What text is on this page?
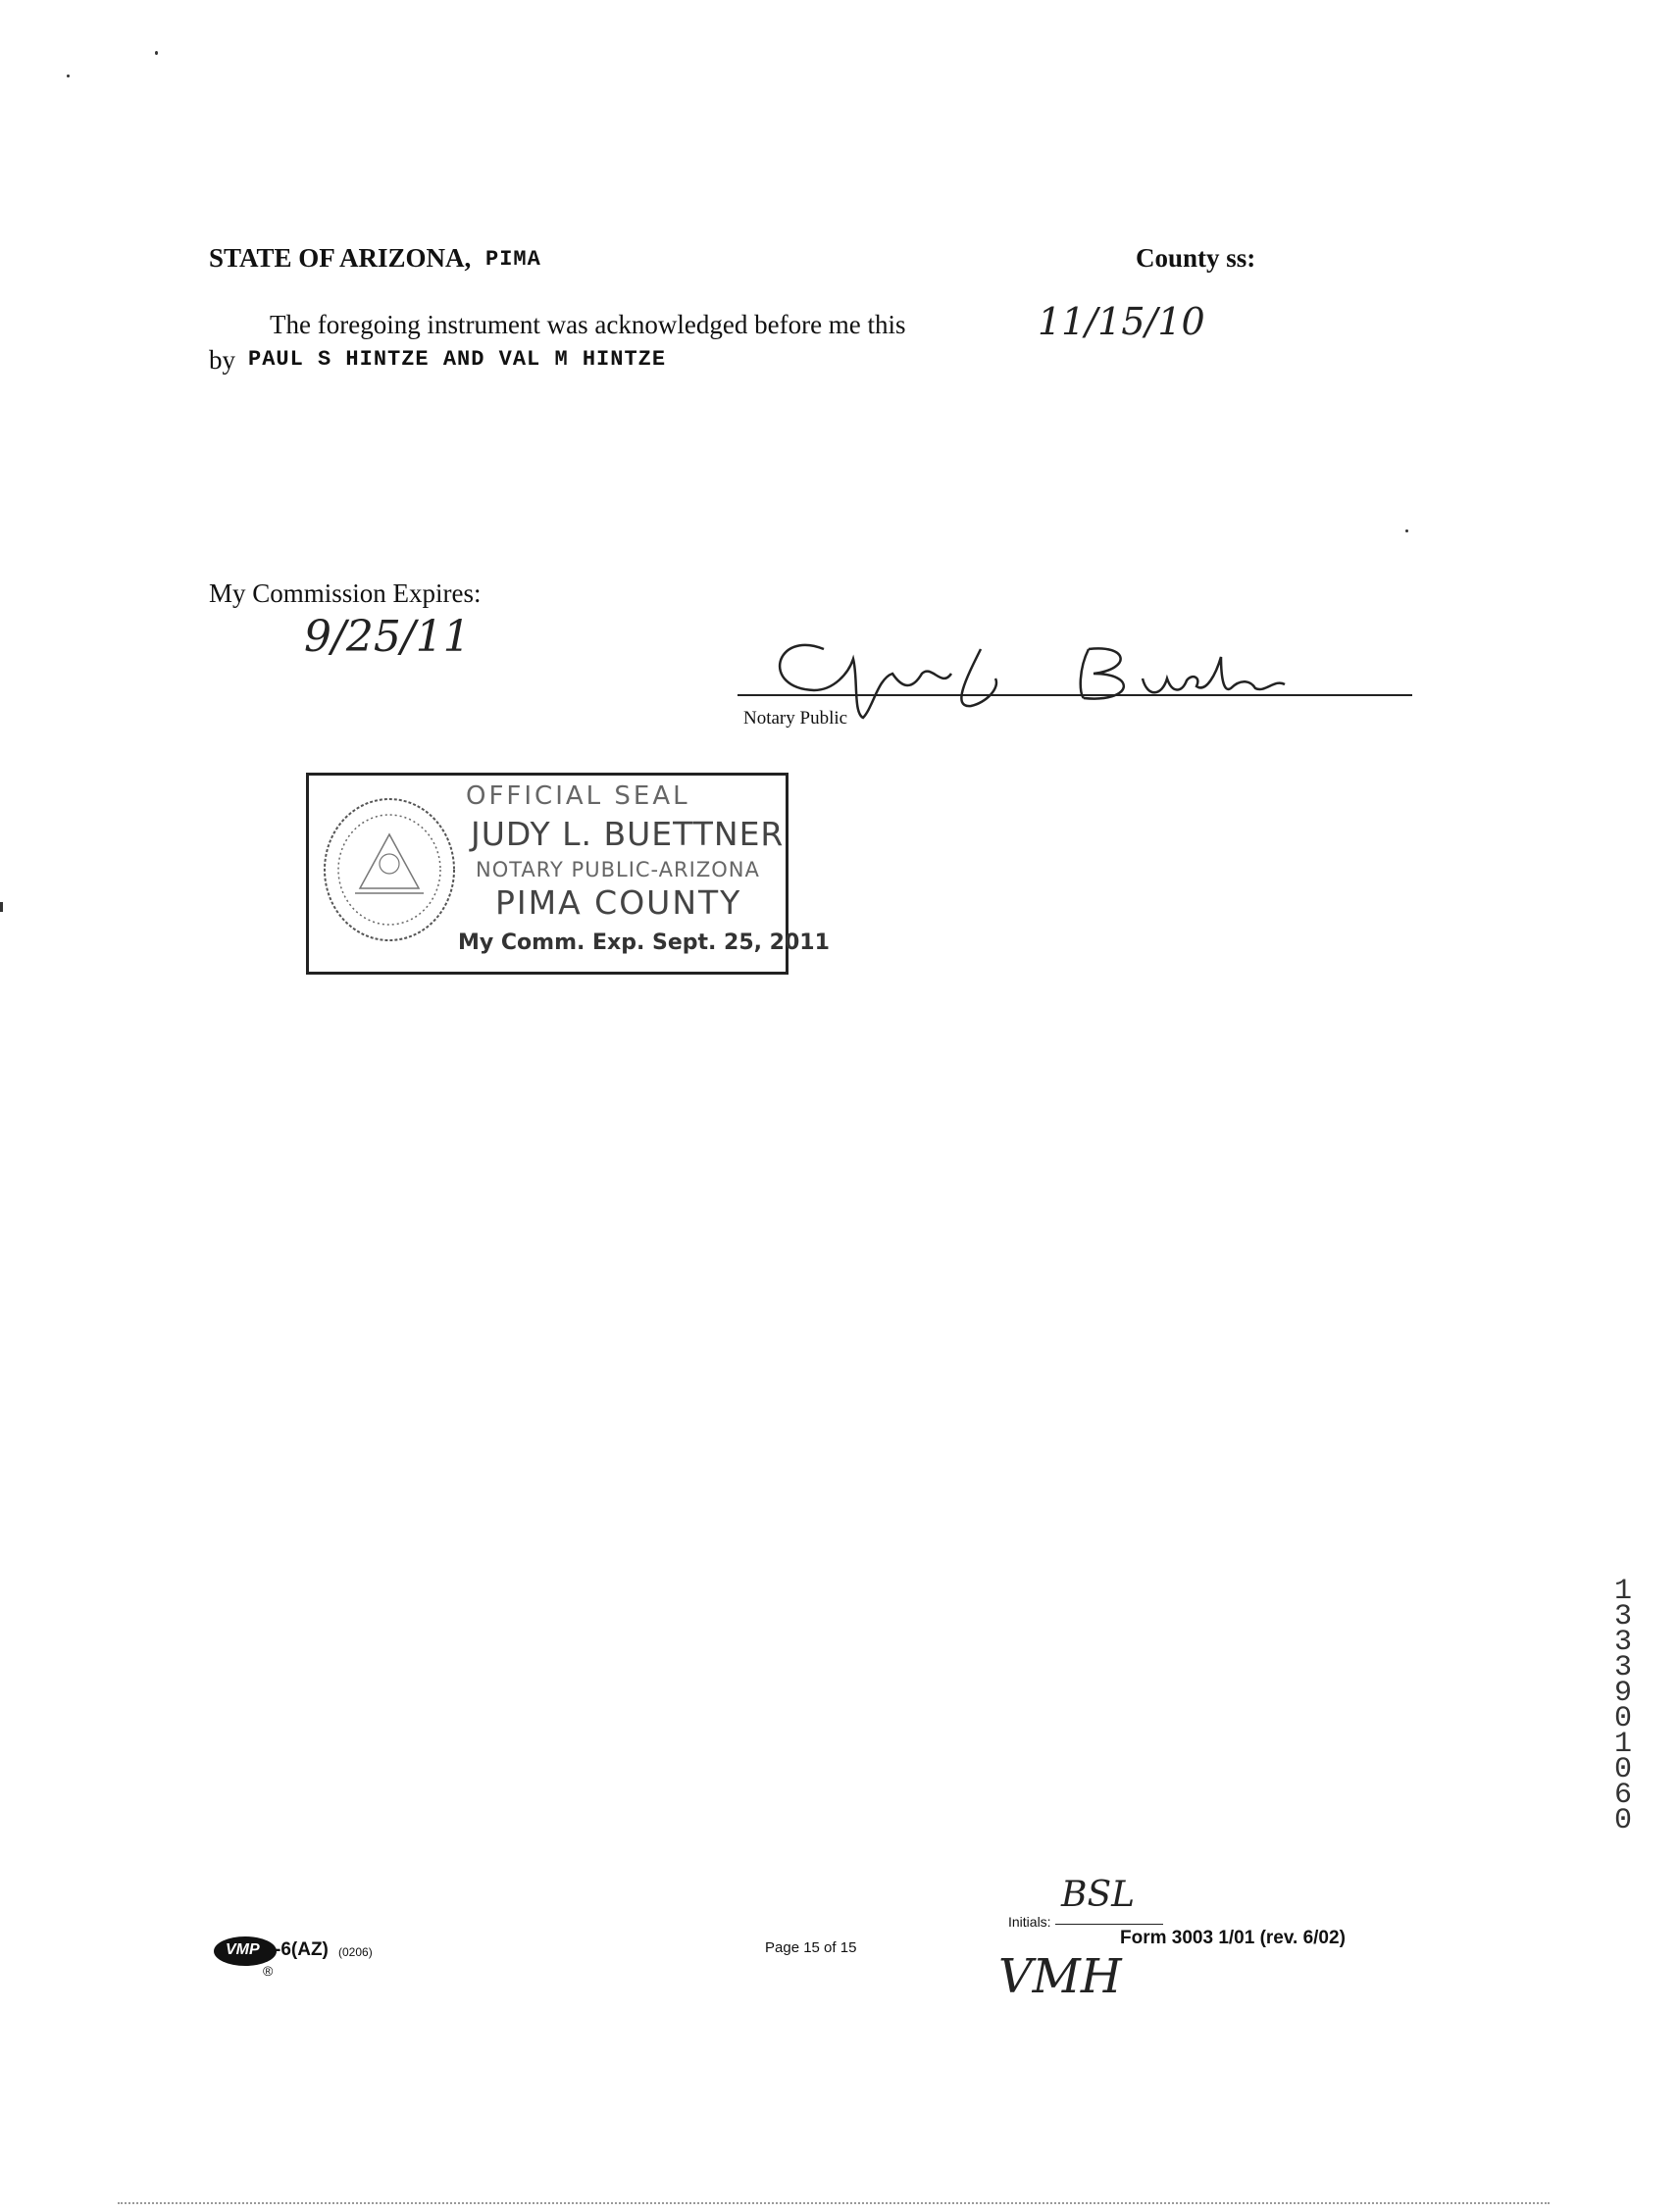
STATE OF ARIZONA, PIMA	County ss:
The foregoing instrument was acknowledged before me this	11/15/10
by PAUL S HINTZE AND VAL M HINTZE
My Commission Expires:
9/25/11
Notary Public
OFFICIAL SEAL
JUDY L. BUETTNER
NOTARY PUBLIC-ARIZONA
PIMA COUNTY
My Comm. Exp. Sept. 25, 2011
13339 01060
VMP
®
-6(AZ) (0206)	Page 15 of 15
Initials:
BSL
Form 3003 1/01 (rev. 6/02)
VMH
